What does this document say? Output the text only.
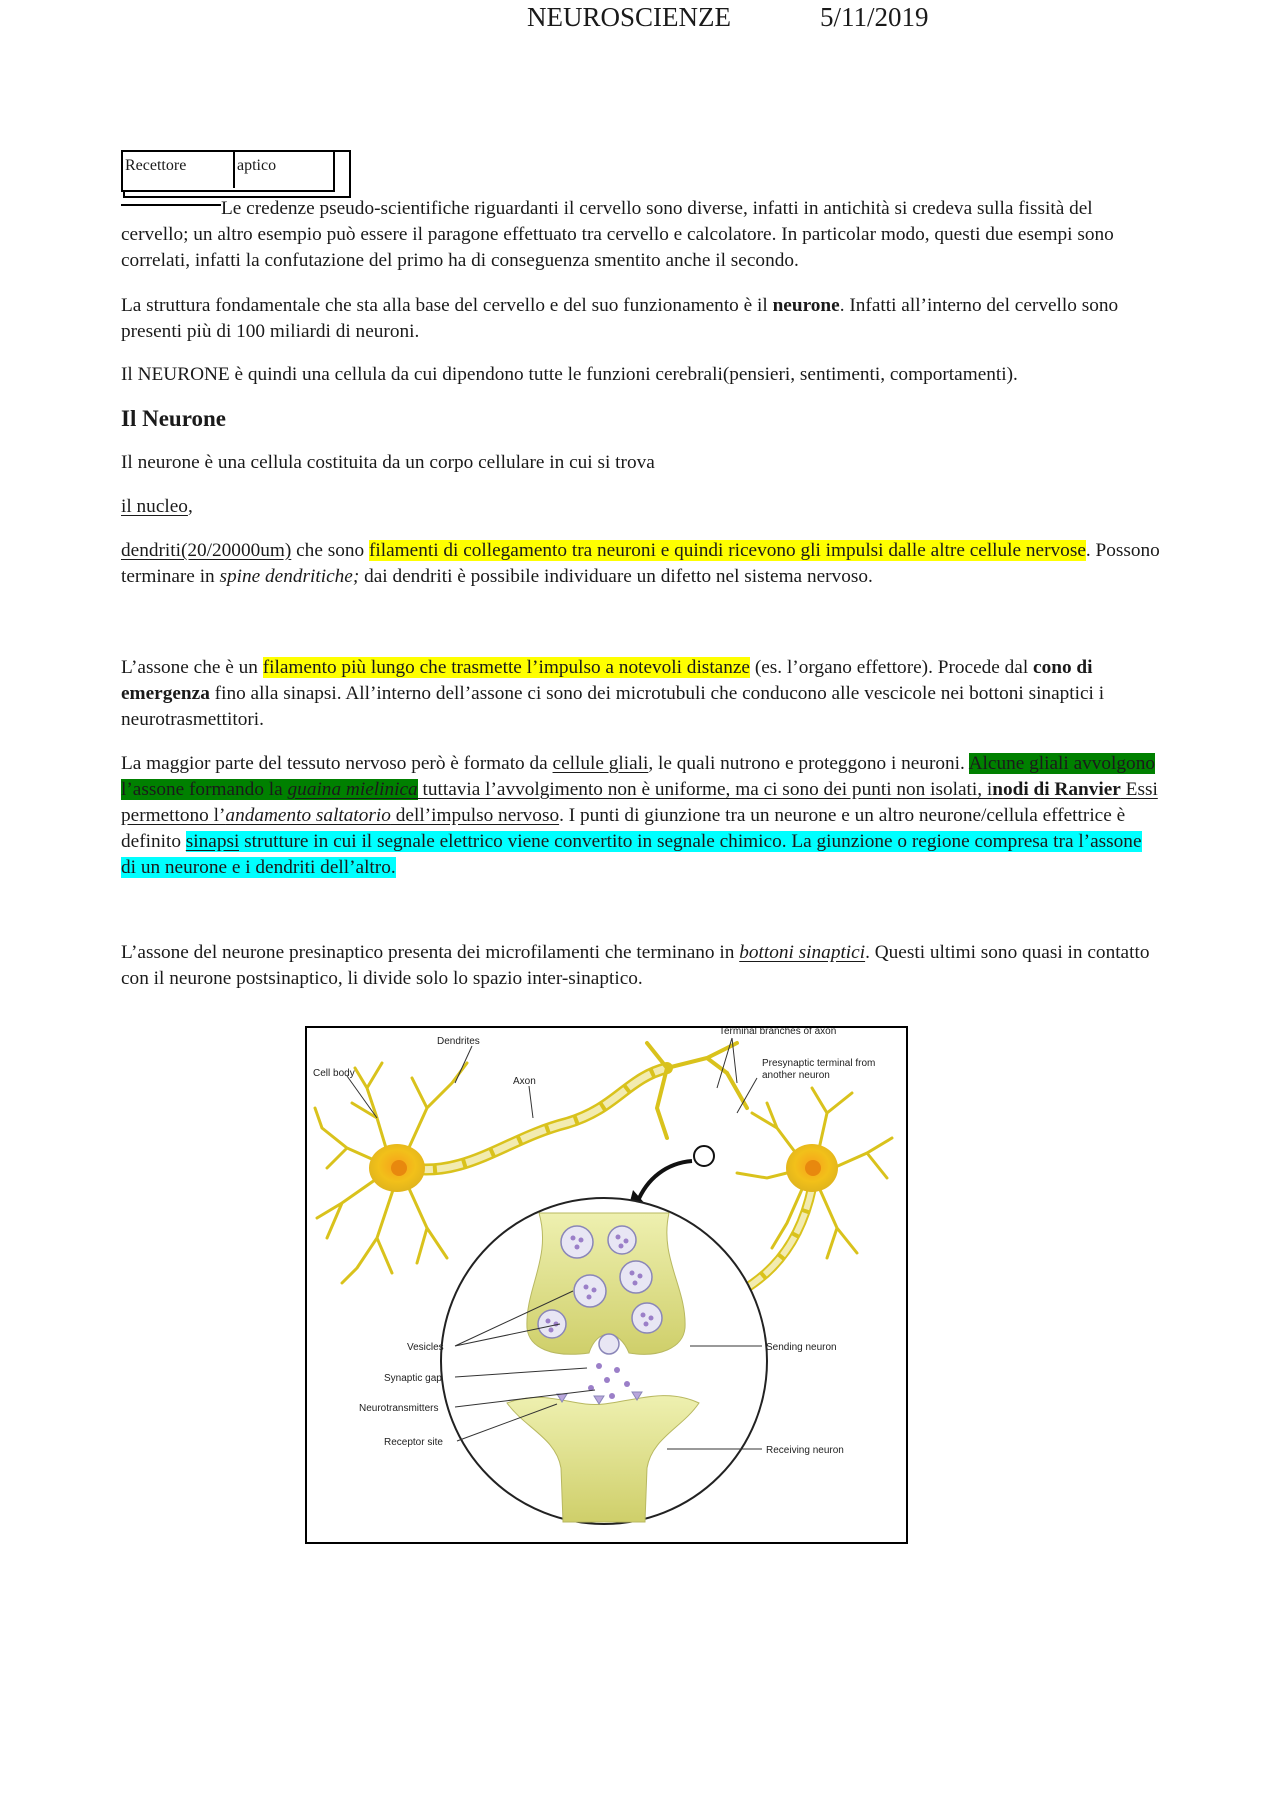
NEUROSCIENZE	5/11/2019

Le credenze pseudo-scientifiche riguardanti il cervello sono diverse, infatti in antichità si credeva sulla fissità del cervello; un altro esempio può essere il paragone effettuato tra cervello e calcolatore. In particolar modo, questi due esempi sono correlati, infatti la confutazione del primo ha di conseguenza smentito anche il secondo.

Recettore	aptico

La struttura fondamentale che sta alla base del cervello e del suo funzionamento è il neurone. Infatti all’interno del cervello sono presenti più di 100 miliardi di neuroni.

Il NEURONE è quindi una cellula da cui dipendono tutte le funzioni cerebrali(pensieri, sentimenti, comportamenti).

Il Neurone

Il neurone è una cellula costituita da un corpo cellulare in cui si trova

il nucleo,

dendriti(20/20000um) che sono filamenti di collegamento tra neuroni e quindi ricevono gli impulsi dalle altre cellule nervose. Possono terminare in spine dendritiche; dai dendriti è possibile individuare un difetto nel sistema nervoso.

L’assone che è un filamento più lungo che trasmette l’impulso a notevoli distanze (es. l’organo effettore). Procede dal cono di emergenza fino alla sinapsi. All’interno dell’assone ci sono dei microtubuli che conducono alle vescicole nei bottoni sinaptici i neurotrasmettitori.

La maggior parte del tessuto nervoso però è formato da cellule gliali, le quali nutrono e proteggono i neuroni. Alcune gliali avvolgono l’assone formando la guaina mielinica tuttavia l’avvolgimento non è uniforme, ma ci sono dei punti non isolati, inodi di Ranvier Essi permettono l’andamento saltatorio dell’impulso nervoso. I punti di giunzione tra un neurone e un altro neurone/cellula effettrice è definito sinapsi strutture in cui il segnale elettrico viene convertito in segnale chimico. La giunzione o regione compresa tra l’assone di un neurone e i dendriti dell’altro.

L’assone del neurone presinaptico presenta dei microfilamenti che terminano in bottoni sinaptici. Questi ultimi sono quasi in contatto con il neurone postsinaptico, li divide solo lo spazio inter-sinaptico.

Dendrites
Cell body
Axon
Terminal branches of axon
Presynaptic terminal from
another neuron
Vesicles
Synaptic gap
Neurotransmitters
Receptor site
Sending neuron
Receiving neuron
